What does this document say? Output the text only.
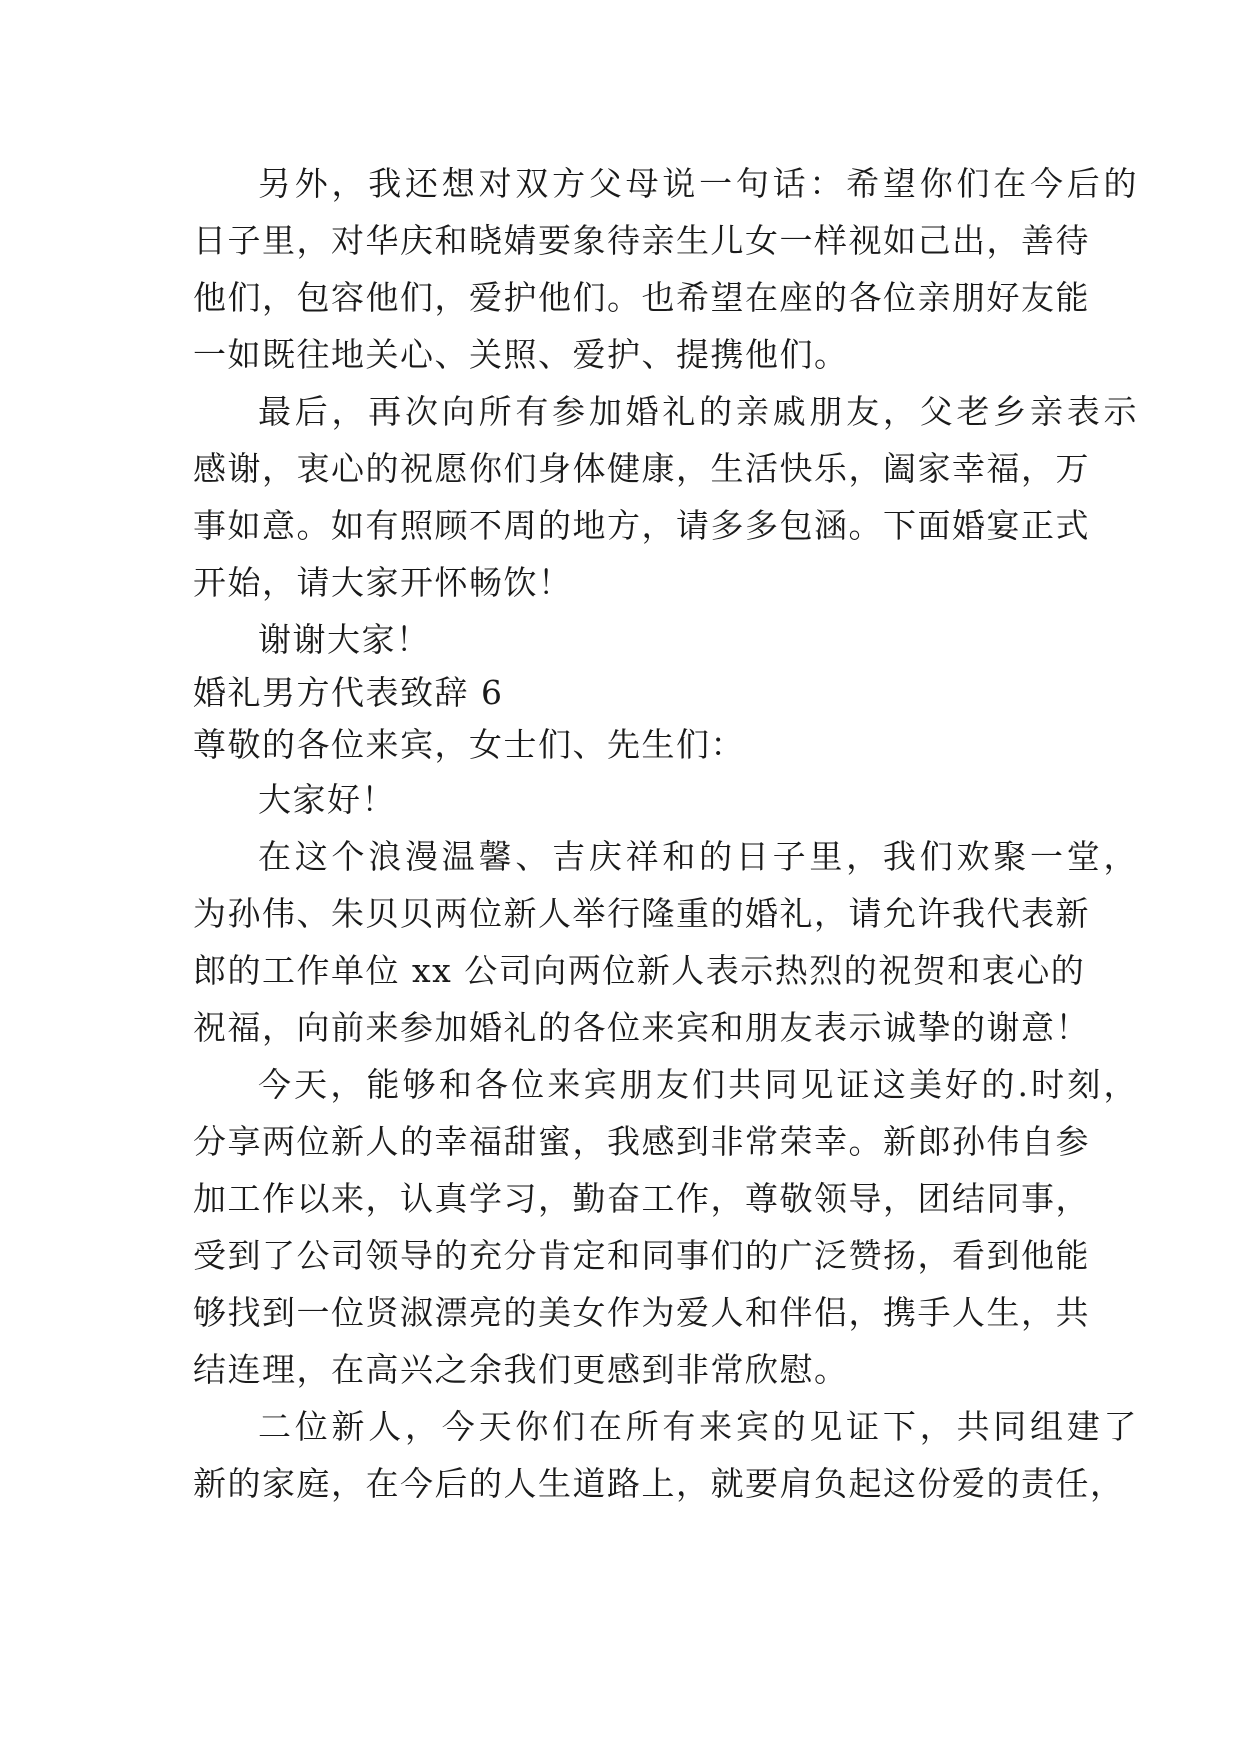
另外，我还想对双方父母说一句话：希望你们在今后的
日子里，对华庆和晓婧要象待亲生儿女一样视如己出，善待
他们，包容他们，爱护他们。也希望在座的各位亲朋好友能
一如既往地关心、关照、爱护、提携他们。
最后，再次向所有参加婚礼的亲戚朋友，父老乡亲表示
感谢，衷心的祝愿你们身体健康，生活快乐，阖家幸福，万
事如意。如有照顾不周的地方，请多多包涵。下面婚宴正式
开始，请大家开怀畅饮！
谢谢大家！
婚礼男方代表致辞 6
尊敬的各位来宾，女士们、先生们：
大家好！
在这个浪漫温馨、吉庆祥和的日子里，我们欢聚一堂，
为孙伟、朱贝贝两位新人举行隆重的婚礼，请允许我代表新
郎的工作单位 xx 公司向两位新人表示热烈的祝贺和衷心的
祝福，向前来参加婚礼的各位来宾和朋友表示诚挚的谢意！
今天，能够和各位来宾朋友们共同见证这美好的.时刻，
分享两位新人的幸福甜蜜，我感到非常荣幸。新郎孙伟自参
加工作以来，认真学习，勤奋工作，尊敬领导，团结同事，
受到了公司领导的充分肯定和同事们的广泛赞扬，看到他能
够找到一位贤淑漂亮的美女作为爱人和伴侣，携手人生，共
结连理，在高兴之余我们更感到非常欣慰。
二位新人，今天你们在所有来宾的见证下，共同组建了
新的家庭，在今后的人生道路上，就要肩负起这份爱的责任，
